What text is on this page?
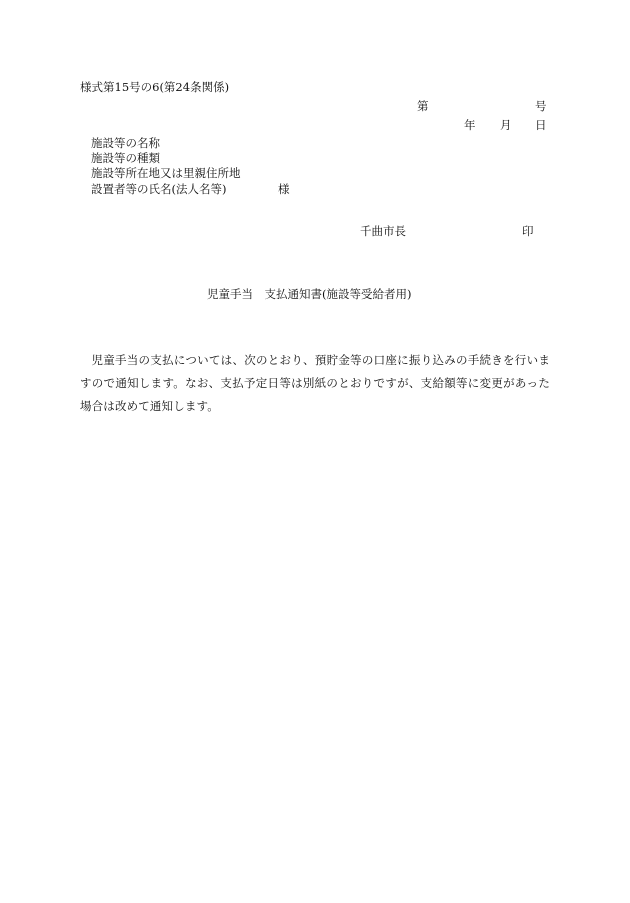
様式第15号の6(第24条関係)
第	号
年 月 日
施設等の名称
施設等の種類
施設等所在地又は里親住所地
設置者等の氏名(法人名等)	様
千曲市長	印
児童手当　支払通知書(施設等受給者用)

児童手当の支払については、次のとおり、預貯金等の口座に振り込みの手続きを行いますので通知します。なお、支払予定日等は別紙のとおりですが、支給額等に変更があった場合は改めて通知します。
